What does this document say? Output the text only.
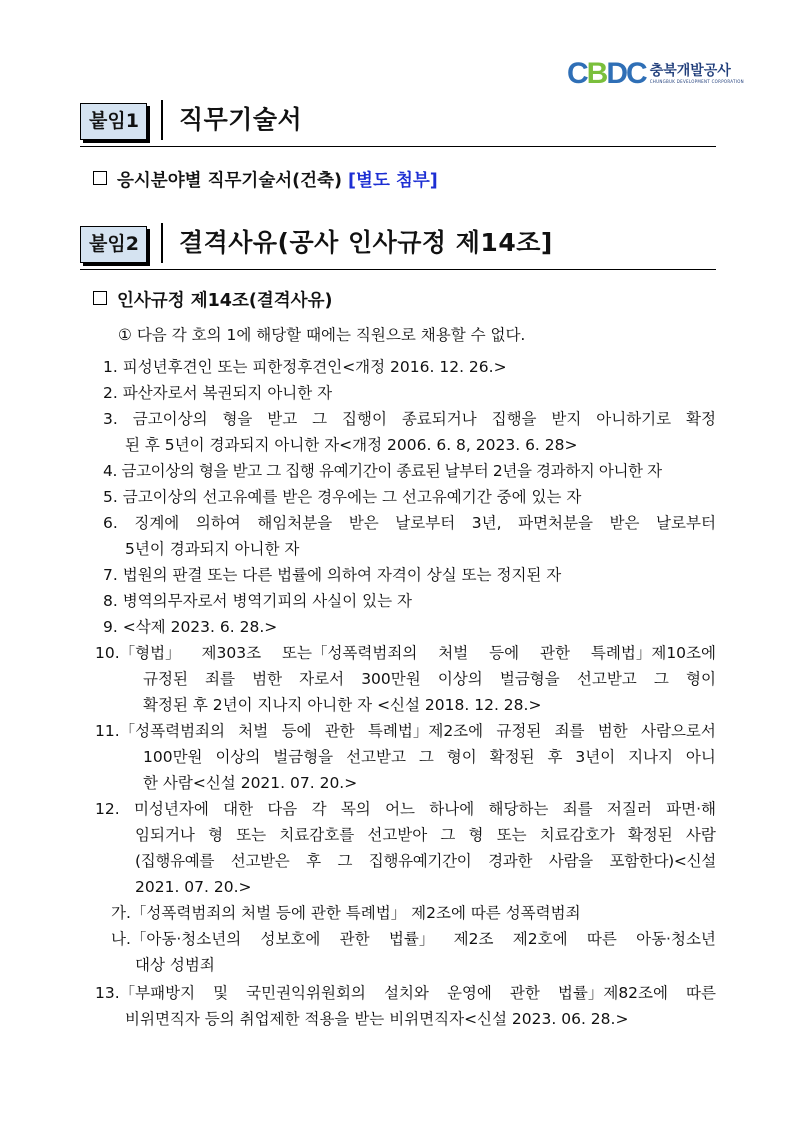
CBDC 충북개발공사
CHUNGBUK DEVELOPMENT CORPORATION
붙임1	직무기술서
응시분야별 직무기술서(건축) [별도 첨부]
붙임2	결격사유(공사 인사규정 제14조]
인사규정 제14조(결격사유)
① 다음 각 호의 1에 해당할 때에는 직원으로 채용할 수 없다.
1. 피성년후견인 또는 피한정후견인<개정 2016. 12. 26.>
2. 파산자로서 복권되지 아니한 자
3. 금고이상의 형을 받고 그 집행이 종료되거나 집행을 받지 아니하기로 확정
된 후 5년이 경과되지 아니한 자<개정 2006. 6. 8, 2023. 6. 28>
4. 금고이상의 형을 받고 그 집행 유예기간이 종료된 날부터 2년을 경과하지 아니한 자
5. 금고이상의 선고유예를 받은 경우에는 그 선고유예기간 중에 있는 자
6. 징계에 의하여 해임처분을 받은 날로부터 3년, 파면처분을 받은 날로부터
5년이 경과되지 아니한 자
7. 법원의 판결 또는 다른 법률에 의하여 자격이 상실 또는 정지된 자
8. 병역의무자로서 병역기피의 사실이 있는 자
9. <삭제 2023. 6. 28.>
10.「형법」 제303조 또는「성폭력범죄의 처벌 등에 관한 특례법」제10조에
규정된 죄를 범한 자로서 300만원 이상의 벌금형을 선고받고 그 형이
확정된 후 2년이 지나지 아니한 자 <신설 2018. 12. 28.>
11.「성폭력범죄의 처벌 등에 관한 특례법」제2조에 규정된 죄를 범한 사람으로서
100만원 이상의 벌금형을 선고받고 그 형이 확정된 후 3년이 지나지 아니
한 사람<신설 2021. 07. 20.>
12. 미성년자에 대한 다음 각 목의 어느 하나에 해당하는 죄를 저질러 파면·해
임되거나 형 또는 치료감호를 선고받아 그 형 또는 치료감호가 확정된 사람
(집행유예를 선고받은 후 그 집행유예기간이 경과한 사람을 포함한다)<신설
2021. 07. 20.>
가.「성폭력범죄의 처벌 등에 관한 특례법」 제2조에 따른 성폭력범죄
나.「아동·청소년의 성보호에 관한 법률」 제2조 제2호에 따른 아동·청소년
대상 성범죄
13.「부패방지 및 국민권익위원회의 설치와 운영에 관한 법률」제82조에 따른
비위면직자 등의 취업제한 적용을 받는 비위면직자<신설 2023. 06. 28.>
